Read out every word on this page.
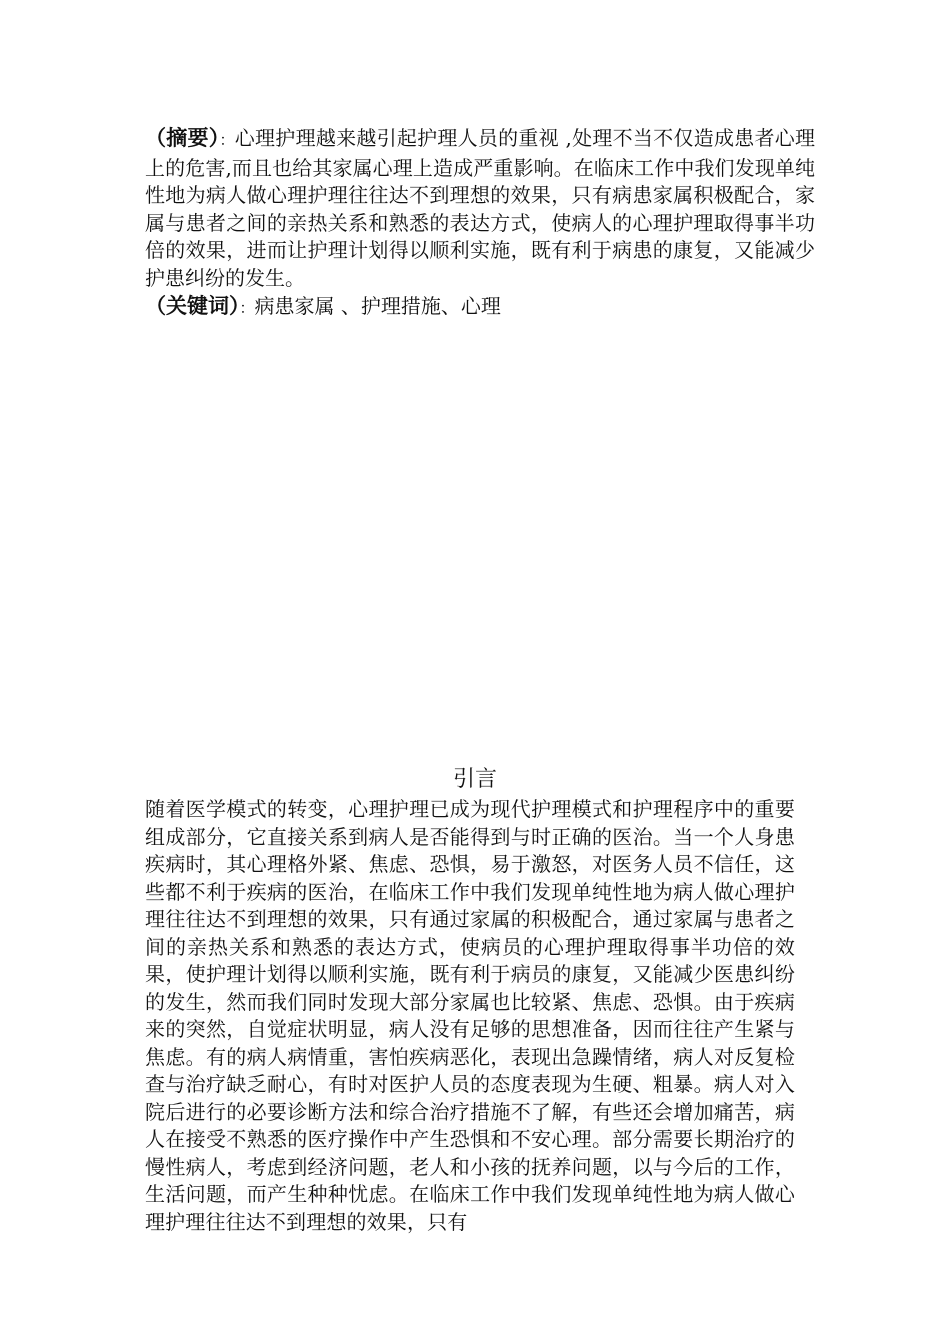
（摘要）：心理护理越来越引起护理人员的重视 ,处理不当不仅造成患者心理上的危害,而且也给其家属心理上造成严重影响。在临床工作中我们发现单纯性地为病人做心理护理往往达不到理想的效果，只有病患家属积极配合，家属与患者之间的亲热关系和熟悉的表达方式，使病人的心理护理取得事半功倍的效果，进而让护理计划得以顺利实施，既有利于病患的康复，又能减少护患纠纷的发生。

（关键词）：病患家属 、护理措施、心理

引言

随着医学模式的转变，心理护理已成为现代护理模式和护理程序中的重要组成部分，它直接关系到病人是否能得到与时正确的医治。当一个人身患疾病时，其心理格外紧、焦虑、恐惧，易于激怒，对医务人员不信任，这些都不利于疾病的医治，在临床工作中我们发现单纯性地为病人做心理护理往往达不到理想的效果，只有通过家属的积极配合，通过家属与患者之间的亲热关系和熟悉的表达方式，使病员的心理护理取得事半功倍的效果，使护理计划得以顺利实施，既有利于病员的康复，又能减少医患纠纷的发生，然而我们同时发现大部分家属也比较紧、焦虑、恐惧。由于疾病来的突然，自觉症状明显，病人没有足够的思想准备，因而往往产生紧与焦虑。有的病人病情重，害怕疾病恶化，表现出急躁情绪，病人对反复检查与治疗缺乏耐心，有时对医护人员的态度表现为生硬、粗暴。病人对入院后进行的必要诊断方法和综合治疗措施不了解，有些还会增加痛苦，病人在接受不熟悉的医疗操作中产生恐惧和不安心理。部分需要长期治疗的慢性病人，考虑到经济问题，老人和小孩的抚养问题，以与今后的工作，生活问题，而产生种种忧虑。在临床工作中我们发现单纯性地为病人做心理护理往往达不到理想的效果，只有
